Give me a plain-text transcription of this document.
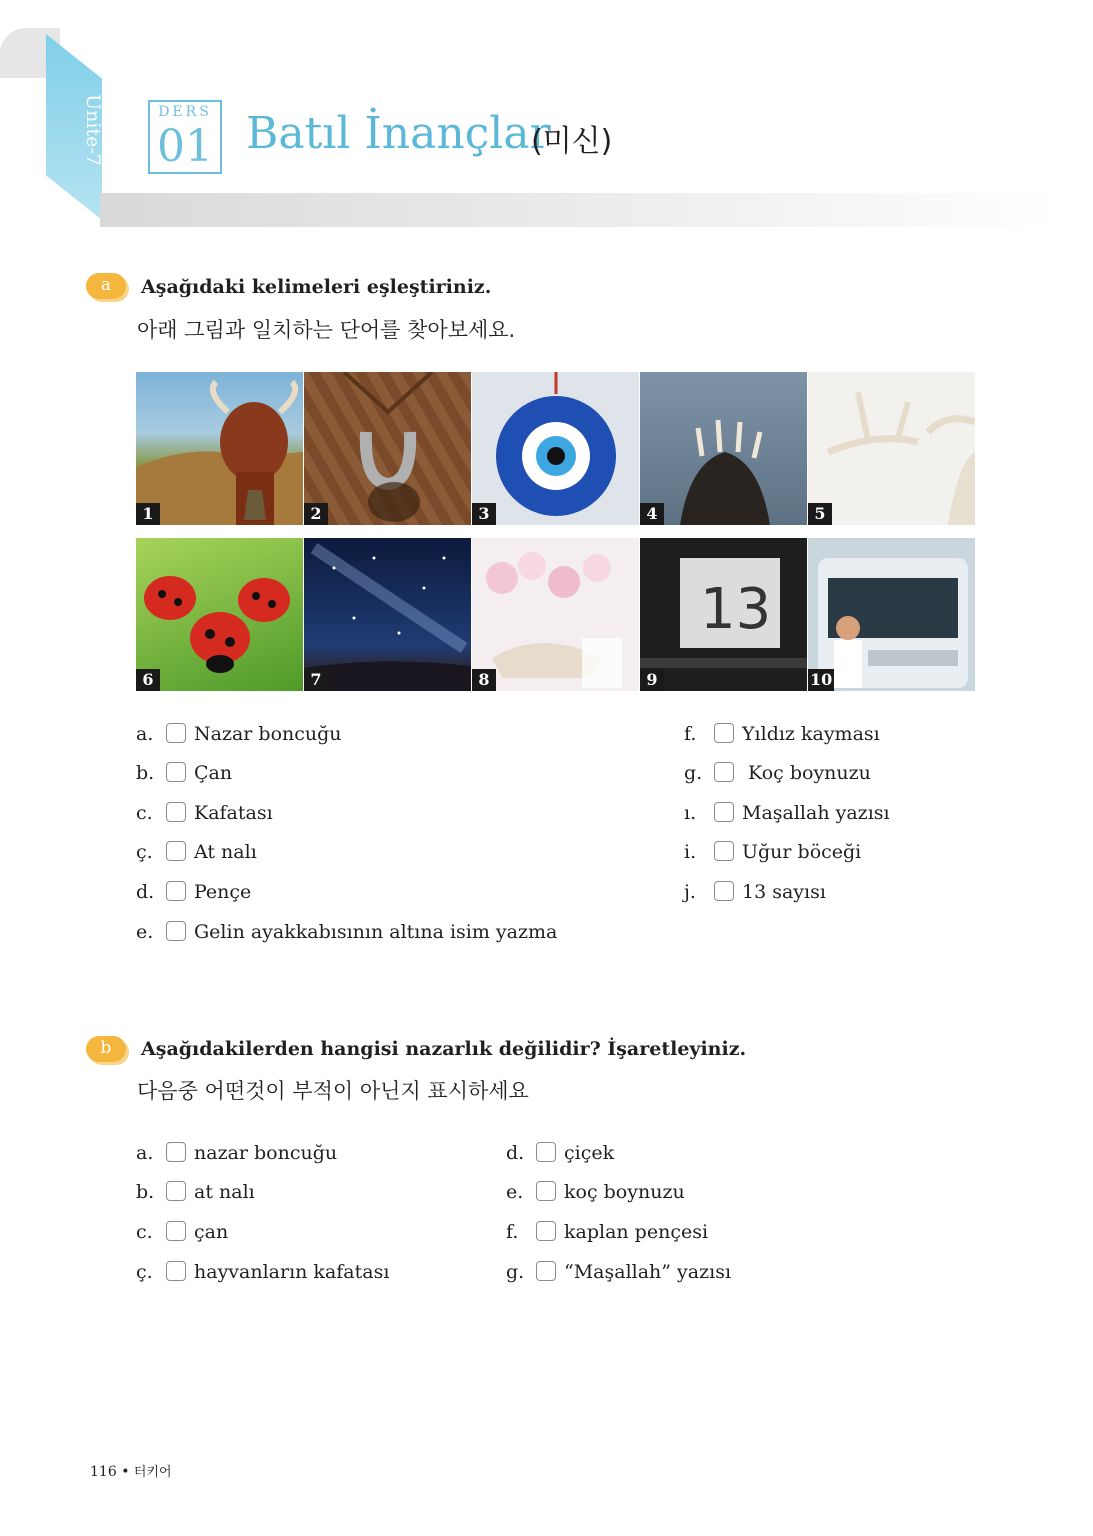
Ünite-7	DERS
01 Batıl İnançlar
(미신)
a	Aşağıdaki kelimeleri eşleştiriniz.
아래 그림과 일치하는 단어를 찾아보세요.
1	2	3	4	5
6	7	8
13
9	10
a. Nazar boncuğu
b. Çan
c. Kafatası
ç. At nalı
d. Pençe
e. Gelin ayakkabısının altına isim yazma
f. Yıldız kayması
g. Koç boynuzu
ı. Maşallah yazısı
i. Uğur böceği
j. 13 sayısı
b	Aşağıdakilerden hangisi nazarlık değilidir? İşaretleyiniz.
다음중 어떤것이 부적이 아닌지 표시하세요
a. nazar boncuğu
b. at nalı
c. çan
ç. hayvanların kafatası
d. çiçek
e. koç boynuzu
f. kaplan pençesi
g. “Maşallah” yazısı
116 • 터키어
